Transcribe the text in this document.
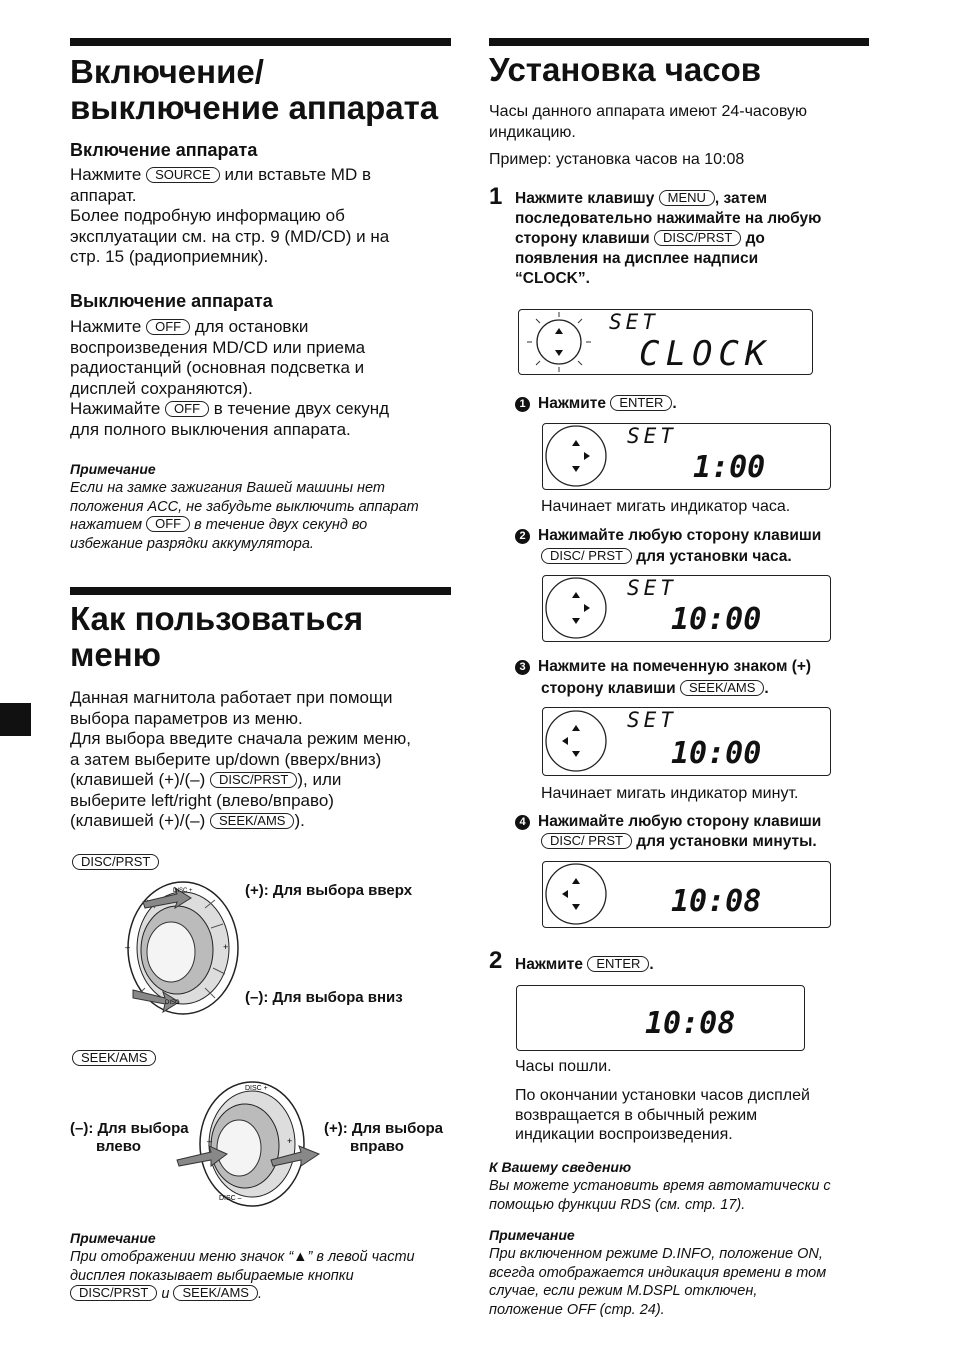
Включение/
выключение аппарата

Включение аппарата

Нажмите SOURCE или вставьте MD в
аппарат.
Более подробную информацию об
эксплуатации см. на стр. 9 (MD/CD) и на
стр. 15 (радиоприемник).

Выключение аппарата

Нажмите OFF для остановки
воспроизведения MD/CD или приема
радиостанций (основная подсветка и
дисплей сохраняются).
Нажимайте OFF в течение двух секунд
для полного выключения аппарата.

Примечание

Если на замке зажигания Вашей машины нет
положения ACC, не забудьте выключить аппарат
нажатием OFF в течение двух секунд во
избежание разрядки аккумулятора.
Как пользоваться
меню
Данная магнитола работает при помощи
выбора параметров из меню.
Для выбора введите сначала режим меню,
а затем выберите up/down (вверх/вниз)
(клавишей (+)/(–) DISC/PRST ), или
выберите left/right (влево/вправо)
(клавишей (+)/(–) SEEK/AMS ).
DISC/PRST
DISC +
DISC
+
–
(+): Для выбора вверх
(–): Для выбора вниз
SEEK/AMS
DISC +
DISC –
–	+
(–): Для выбора
влево
(+): Для выбора
вправо

Примечание

При отображении меню значок “▲” в левой части
дисплея показывает выбираемые кнопки
DISC/PRST и SEEK/AMS .
Установка часов
Часы данного аппарата имеют 24-часовую
индикацию.
Пример: установка часов на 10:08
1 Нажмите клавишу MENU , затем
последовательно нажимайте на любую
сторону клавиши DISC/PRST до
появления на дисплее надписи
“CLOCK”.
SET
CLOCK
1 Нажмите ENTER .
SET
1:00
Начинает мигать индикатор часа.
2 Нажимайте любую сторону клавиши
DISC/ PRST для установки часа.
SET
10:00
3 Нажмите на помеченную знаком (+)
сторону клавиши SEEK/AMS .
SET
10:00
Начинает мигать индикатор минут.
4 Нажимайте любую сторону клавиши
DISC/ PRST для установки минуты.
10:08
2 Нажмите ENTER .
10:08
Часы пошли.
По окончании установки часов дисплей
возвращается в обычный режим
индикации воспроизведения.

К Вашему сведению

Вы можете установить время автоматически с
помощью функции RDS (см. стр. 17).

Примечание

При включенном режиме D.INFO, положение ON,
всегда отображается индикация времени в том
случае, если режим M.DSPL отключен,
положение OFF (стр. 24).
